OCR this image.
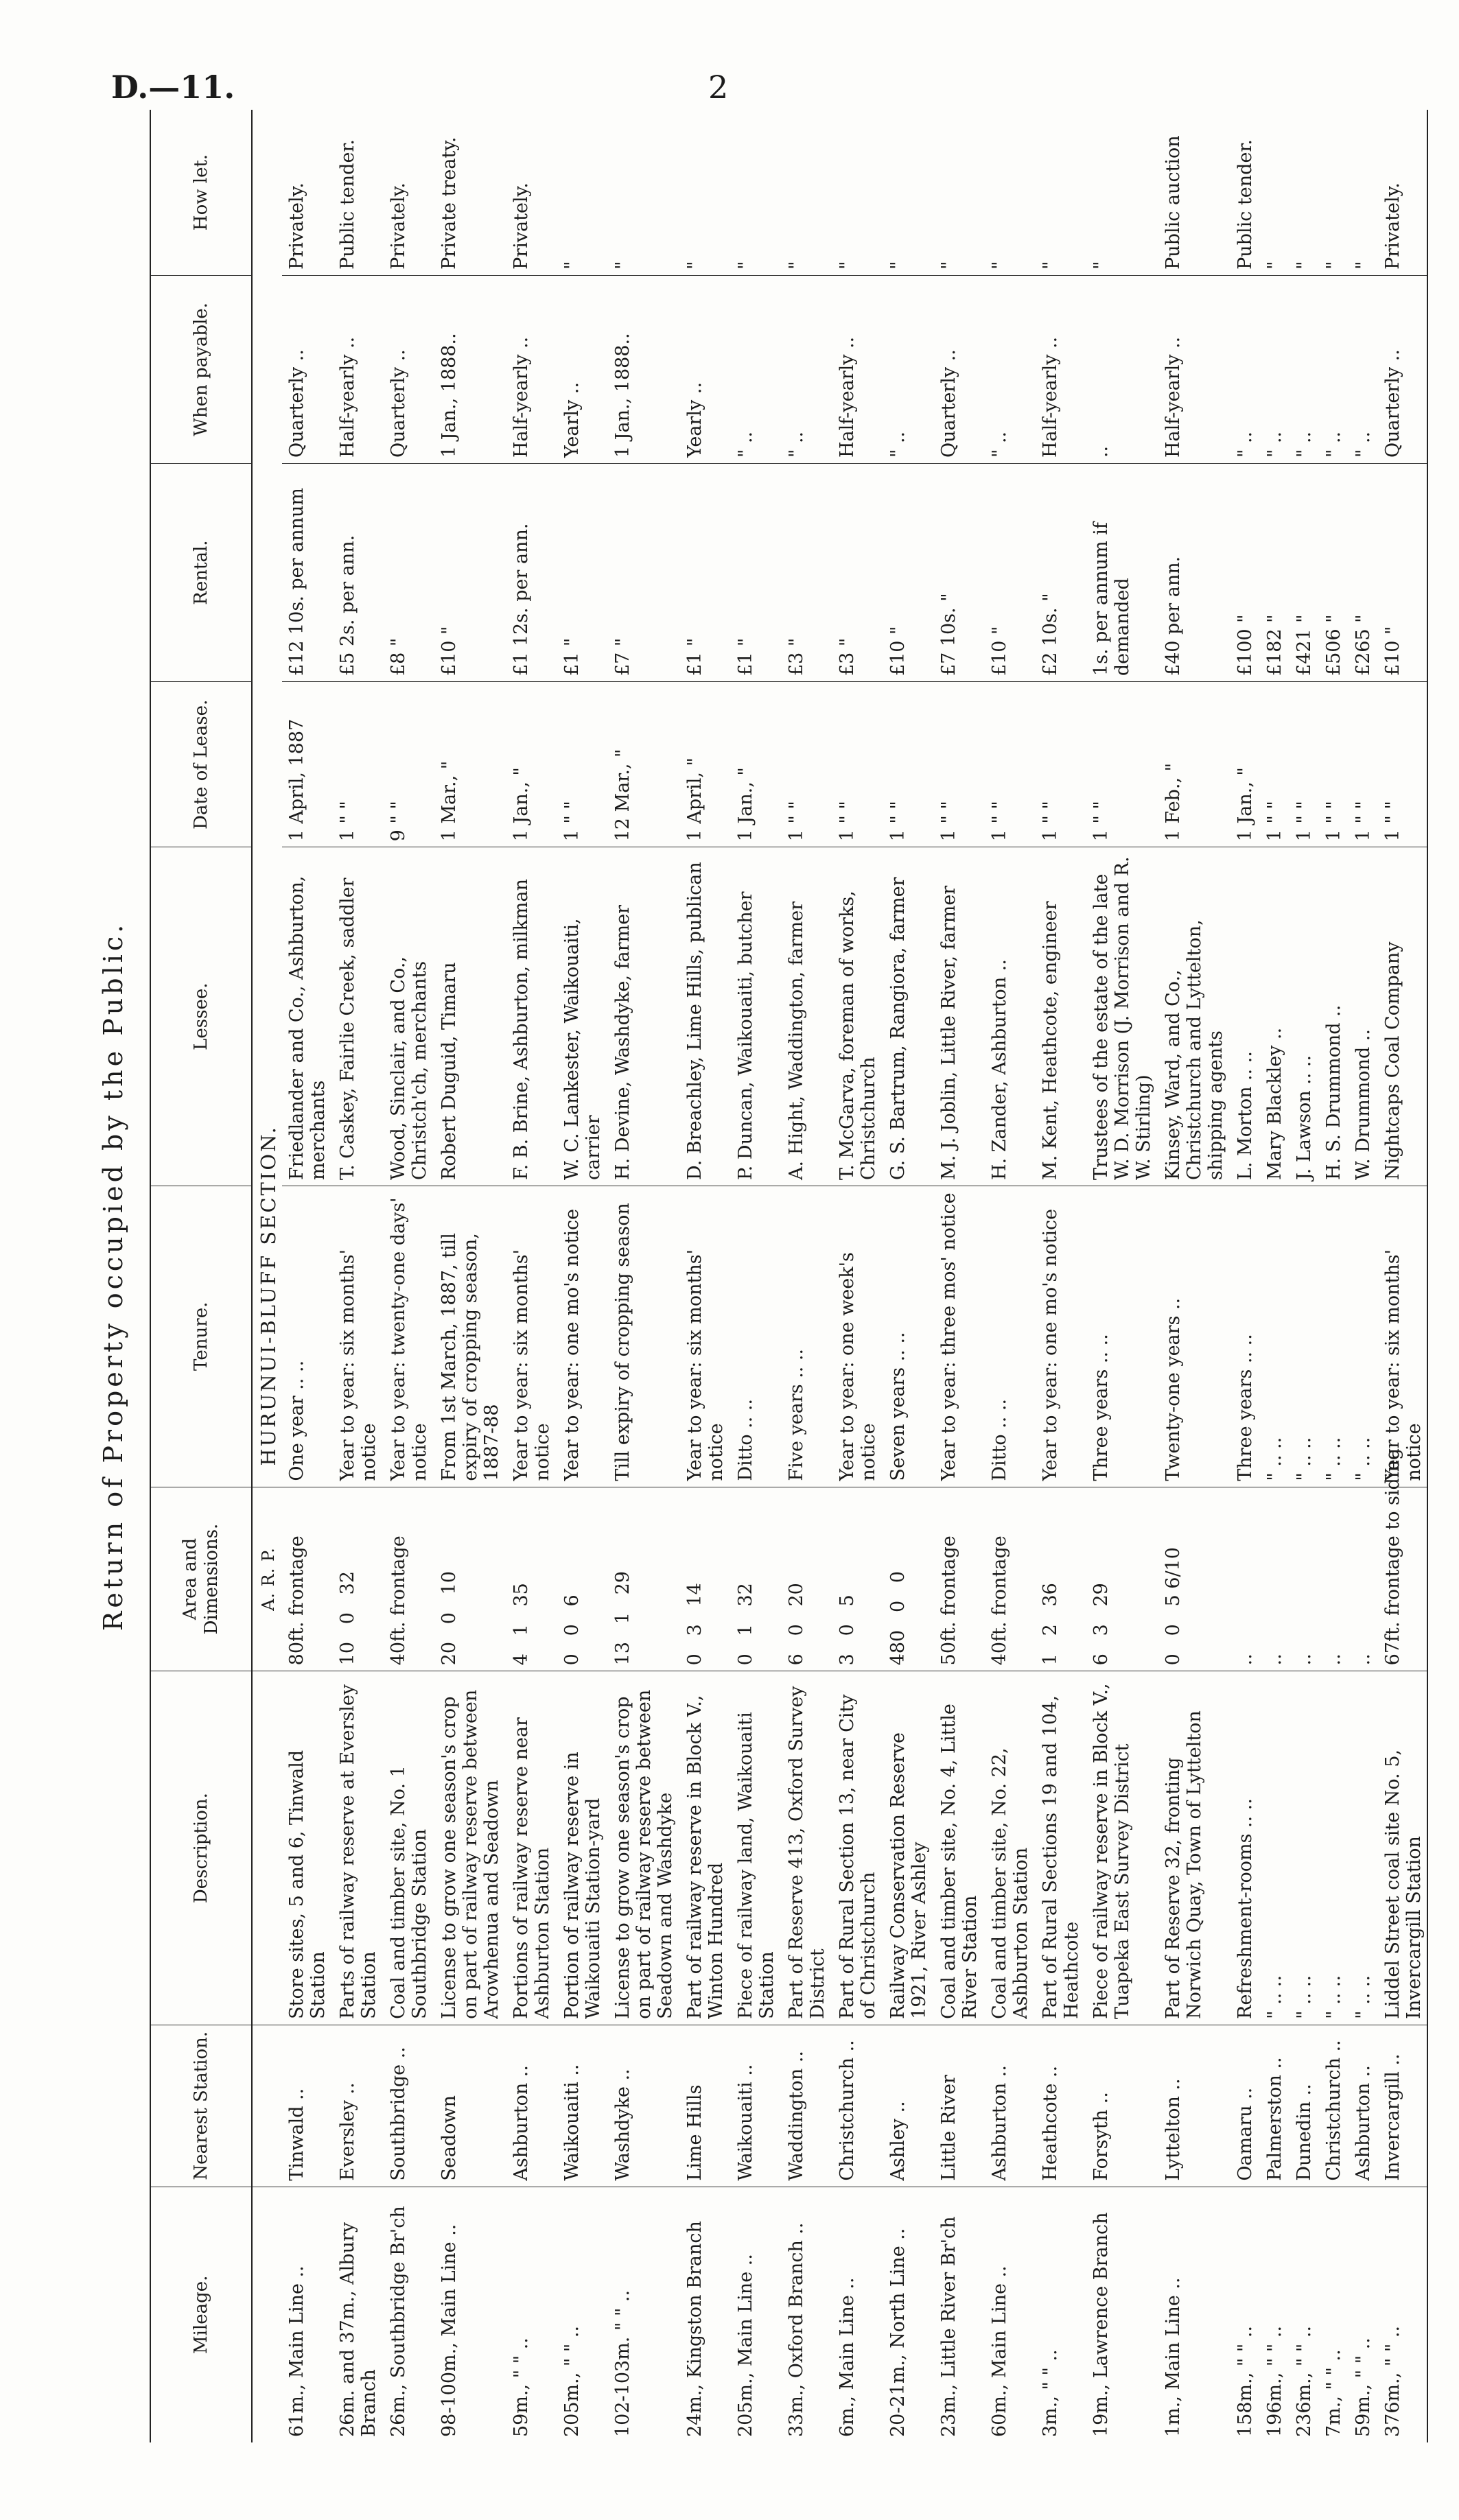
D.—11.	2
Return of Property occupied by the Public.
Mileage.	Nearest Station.	Description.	Area and Dimensions.	Tenure.	Lessee.	Date of Lease.	Rental.	When payable.	How let.
			A. R. P.	HURUNUI-BLUFF SECTION.					
61m., Main Line ..	Tinwald ..	Store sites, 5 and 6, Tinwald Station	80ft. frontage	One year .. ..	Friedlander and Co., Ashburton, merchants	1 April, 1887	£12 10s. per annum	Quarterly ..	Privately.
26m. and 37m., Albury Branch	Eversley ..	Parts of railway reserve at Eversley Station	10   0   32	Year to year: six months' notice	T. Caskey, Fairlie Creek, saddler	1 " "	£5 2s. per ann.	Half-yearly ..	Public tender.
26m., Southbridge Br'ch	Southbridge ..	Coal and timber site, No. 1 Southbridge Station	40ft. frontage	Year to year: twenty-one days' notice	Wood, Sinclair, and Co., Christch'ch, merchants	9 " "	£8 "	Quarterly ..	Privately.
98-100m., Main Line ..	Seadown	License to grow one season's crop on part of railway reserve between Arowhenua and Seadown	20   0   10	From 1st March, 1887, till expiry of cropping season, 1887-88	Robert Duguid, Timaru	1 Mar., "	£10 "	1 Jan., 1888..	Private treaty.
59m., " " ..	Ashburton ..	Portions of railway reserve near Ashburton Station	4   1   35	Year to year: six months' notice	F. B. Brine, Ashburton, milkman	1 Jan., "	£1 12s. per ann.	Half-yearly ..	Privately.
205m., " " ..	Waikouaiti ..	Portion of railway reserve in Waikouaiti Station-yard	0   0   6	Year to year: one mo's notice	W. C. Lankester, Waikouaiti, carrier	1 " "	£1 "	Yearly ..	"
102-103m. " " ..	Washdyke ..	License to grow one season's crop on part of railway reserve between Seadown and Washdyke	13   1   29	Till expiry of cropping season	H. Devine, Washdyke, farmer	12 Mar., "	£7 "	1 Jan., 1888..	"
24m., Kingston Branch	Lime Hills	Part of railway reserve in Block V., Winton Hundred	0   3   14	Year to year: six months' notice	D. Breachley, Lime Hills, publican	1 April, "	£1 "	Yearly ..	"
205m., Main Line ..	Waikouaiti ..	Piece of railway land, Waikouaiti Station	0   1   32	Ditto .. ..	P. Duncan, Waikouaiti, butcher	1 Jan., "	£1 "	" ..	"
33m., Oxford Branch ..	Waddington ..	Part of Reserve 413, Oxford Survey District	6   0   20	Five years .. ..	A. Hight, Waddington, farmer	1 " "	£3 "	" ..	"
6m., Main Line ..	Christchurch ..	Part of Rural Section 13, near City of Christchurch	3   0   5	Year to year: one week's notice	T. McGarva, foreman of works, Christchurch	1 " "	£3 "	Half-yearly ..	"
20-21m., North Line ..	Ashley ..	Railway Conservation Reserve 1921, River Ashley	480   0   0	Seven years .. ..	G. S. Bartrum, Rangiora, farmer	1 " "	£10 "	" ..	"
23m., Little River Br'ch	Little River	Coal and timber site, No. 4, Little River Station	50ft. frontage	Year to year: three mos' notice	M. J. Joblin, Little River, farmer	1 " "	£7 10s. "	Quarterly ..	"
60m., Main Line ..	Ashburton ..	Coal and timber site, No. 22, Ashburton Station	40ft. frontage	Ditto .. ..	H. Zander, Ashburton ..	1 " "	£10 "	" ..	"
3m., " " ..	Heathcote ..	Part of Rural Sections 19 and 104, Heathcote	1   2   36	Year to year: one mo's notice	M. Kent, Heathcote, engineer	1 " "	£2 10s. "	Half-yearly ..	"
19m., Lawrence Branch	Forsyth ..	Piece of railway reserve in Block V., Tuapeka East Survey District	6   3   29	Three years .. ..	Trustees of the estate of the late W. D. Morrison (J. Morrison and R. W. Stirling)	1 " "	1s. per annum if demanded	..	"
1m., Main Line ..	Lyttelton ..	Part of Reserve 32, fronting Norwich Quay, Town of Lyttelton	0   0   5 6/10	Twenty-one years ..	Kinsey, Ward, and Co., Christchurch and Lyttelton, shipping agents	1 Feb., "	£40 per ann.	Half-yearly ..	Public auction
158m., " " ..	Oamaru ..	Refreshment-rooms .. ..	..	Three years .. ..	L. Morton .. ..	1 Jan., "	£100 "	" ..	Public tender.
196m., " " ..	Palmerston ..	" .. ..	..	" .. ..	Mary Blackley ..	1 " "	£182 "	" ..	"
236m., " " ..	Dunedin ..	" .. ..	..	" .. ..	J. Lawson .. ..	1 " "	£421 "	" ..	"
7m., " " ..	Christchurch ..	" .. ..	..	" .. ..	H. S. Drummond ..	1 " "	£506 "	" ..	"
59m., " " ..	Ashburton ..	" .. ..	..	" .. ..	W. Drummond ..	1 " "	£265 "	" ..	"
376m., " " ..	Invercargill ..	Liddel Street coal site No. 5, Invercargill Station	67ft. frontage to siding	Year to year: six months' notice	Nightcaps Coal Company	1 " "	£10 "	Quarterly ..	Privately.
